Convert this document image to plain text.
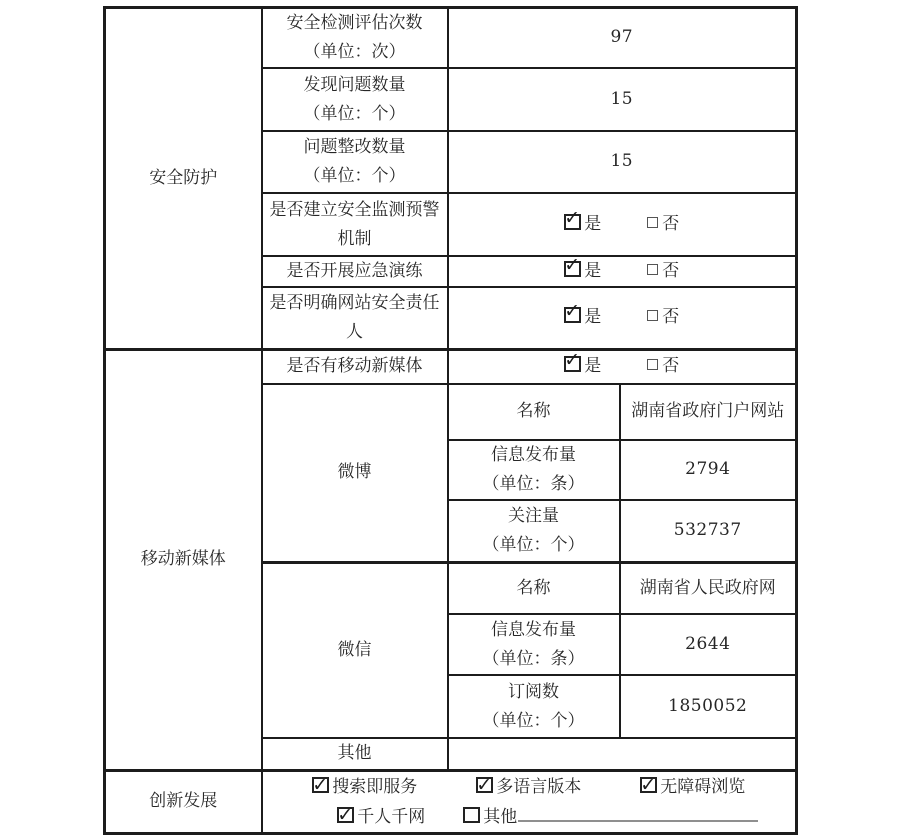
安全防护	安全检测评估次数
（单位：次）	97	

	发现问题数量
（单位：个）	15	

	问题整改数量
（单位：个）	15	

	是否建立安全监测预警
机制
	✓是 否
	是否开展应急演练	✓是 否

	是否明确网站安全责任
人
	✓是 否
移动新媒体	是否有移动新媒体	✓是 否
	微博	名称	湖南省政府门户网站

		信息发布量
（单位：条）	2794

		关注量
（单位：个）	532737
	微信	名称	湖南省人民政府网

		信息发布量
（单位：条）	2644

		订阅数
（单位：个）	1850052
	其他		
创新发展	
✓搜索即服务 ✓ 多语言版本 ✓ 无障碍浏览
✓千人千网 其他
